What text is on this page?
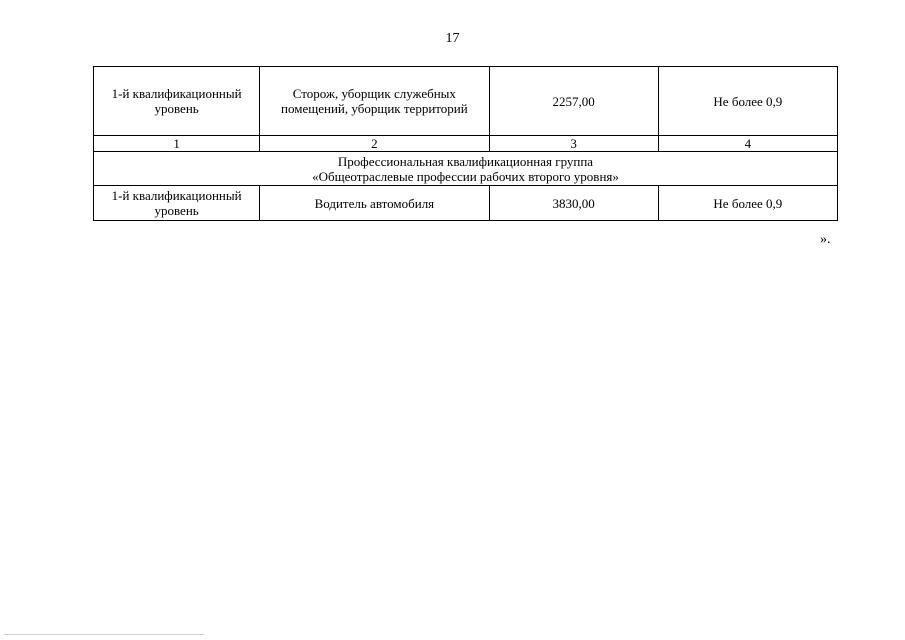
17
1-й квалификационный уровень	Сторож, уборщик служебных помещений, уборщик территорий	2257,00	Не более 0,9
1	2	3	4

Профессиональная квалификационная группа
«Общеотраслевые профессии рабочих второго уровня»			

1-й квалификационный уровень	Водитель автомобиля	3830,00	Не более 0,9
».
